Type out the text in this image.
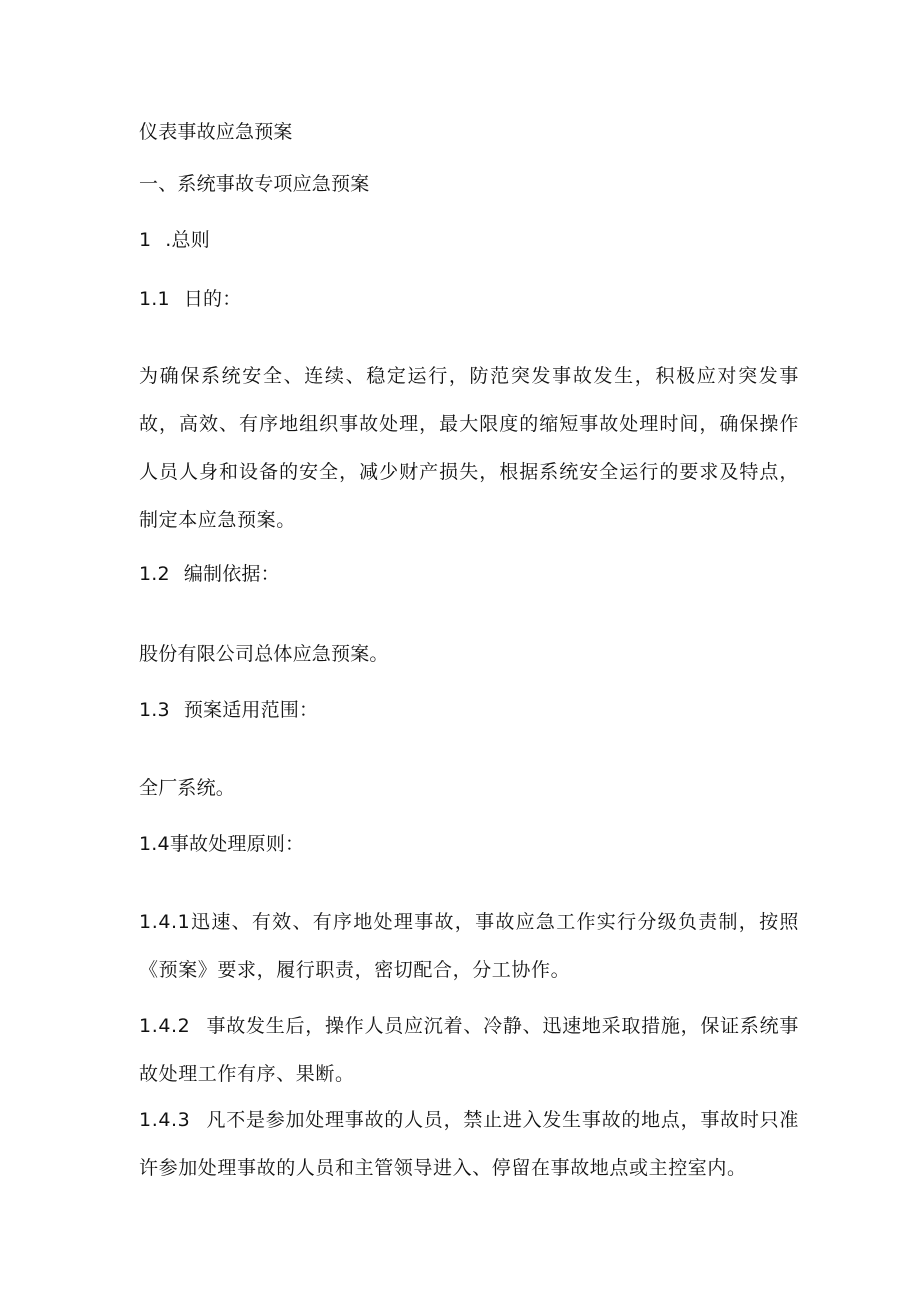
仪表事故应急预案
一、系统事故专项应急预案
1 .总则
1.1 日的：
为确保系统安全、连续、稳定运行，防范突发事故发生，积极应对突发事故，高效、有序地组织事故处理，最大限度的缩短事故处理时间，确保操作人员人身和设备的安全，减少财产损失，根据系统安全运行的要求及特点，制定本应急预案。
1.2 编制依据：
股份有限公司总体应急预案。
1.3 预案适用范围：
全厂系统。
1.4事故处理原则：
1.4.1迅速、有效、有序地处理事故，事故应急工作实行分级负责制，按照《预案》要求，履行职责，密切配合，分工协作。
1.4.2 事故发生后，操作人员应沉着、冷静、迅速地采取措施，保证系统事故处理工作有序、果断。
1.4.3 凡不是参加处理事故的人员，禁止进入发生事故的地点，事故时只准许参加处理事故的人员和主管领导进入、停留在事故地点或主控室内。
